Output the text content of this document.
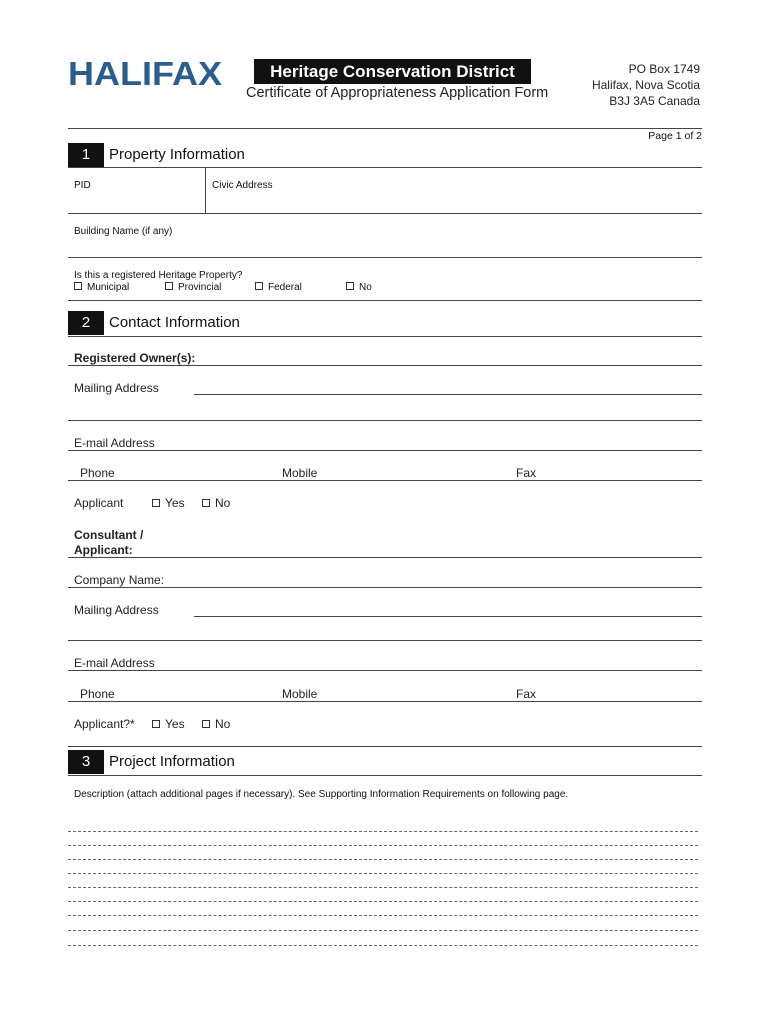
HALIFAX	Heritage Conservation District
Certificate of Appropriateness Application Form
PO Box 1749
Halifax, Nova Scotia
B3J 3A5 Canada
Page 1 of 2
1	Property Information
PID	Civic Address
Building Name (if any)
Is this a registered Heritage Property?
Municipal	Provincial	Federal	No
2	Contact Information
Registered Owner(s):
Mailing Address
E-mail Address
Phone	Mobile	Fax
Applicant	Yes	No
Consultant /
Applicant:
Company Name:
Mailing Address
E-mail Address
Phone	Mobile	Fax
Applicant?*	Yes	No
3	Project Information
Description (attach additional pages if necessary). See Supporting Information Requirements on following page.
